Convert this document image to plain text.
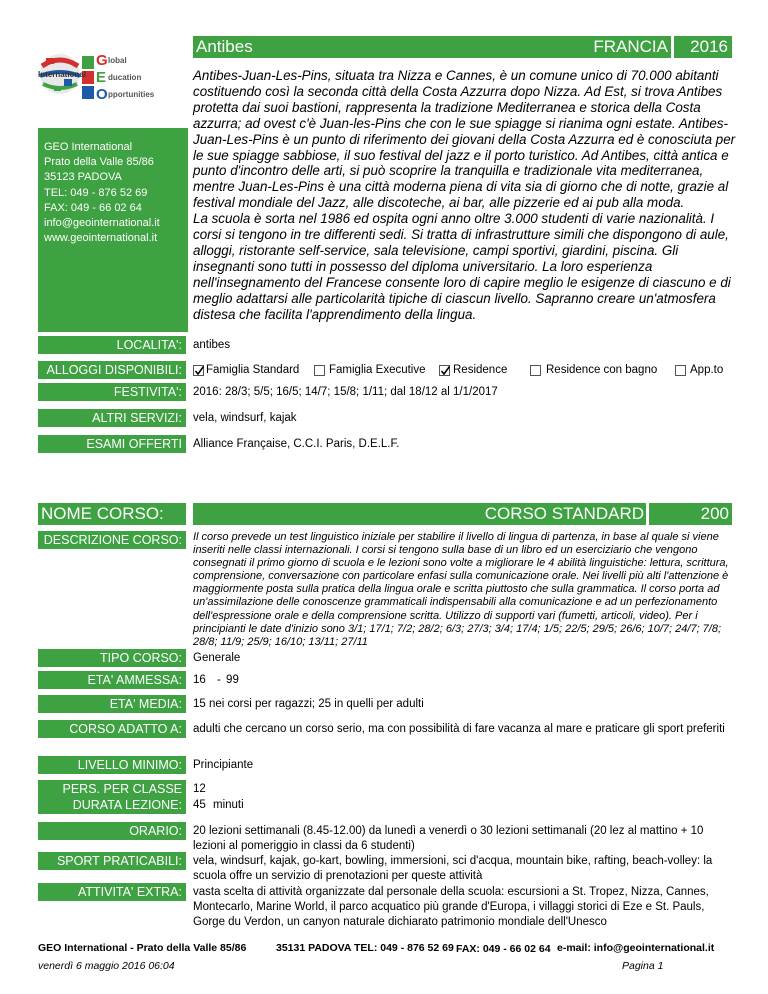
Antibes	FRANCIA 2016
International
G lobal
E ducation
O pportunities
GEO International
Prato della Valle 85/86
35123 PADOVA
TEL: 049 - 876 52 69
FAX: 049 - 66 02 64
info@geointernational.it
www.geointernational.it
Antibes-Juan-Les-Pins, situata tra Nizza e Cannes, è un comune unico di 70.000 abitanti costituendo così la seconda città della Costa Azzurra dopo Nizza. Ad Est, si trova Antibes protetta dai suoi bastioni, rappresenta la tradizione Mediterranea e storica della Costa azzurra; ad ovest c'è Juan-les-Pins che con le sue spiagge si rianima ogni estate. Antibes-Juan-Les-Pins è un punto di riferimento dei giovani della Costa Azzurra ed è conosciuta per le sue spiagge sabbiose, il suo festival del jazz e il porto turistico. Ad Antibes, città antica e punto d'incontro delle arti, si può scoprire la tranquilla e tradizionale vita mediterranea, mentre Juan-Les-Pins è una città moderna piena di vita sia di giorno che di notte, grazie al festival mondiale del Jazz, alle discoteche, ai bar, alle pizzerie ed ai pub alla moda.
La scuola è sorta nel 1986 ed ospita ogni anno oltre 3.000 studenti di varie nazionalità. I corsi si tengono in tre differenti sedi. Si tratta di infrastrutture simili che dispongono di aule, alloggi, ristorante self-service, sala televisione, campi sportivi, giardini, piscina. Gli insegnanti sono tutti in possesso del diploma universitario. La loro esperienza nell'insegnamento del Francese consente loro di capire meglio le esigenze di ciascuno e di meglio adattarsi alle particolarità tipiche di ciascun livello. Sapranno creare un'atmosfera distesa che facilita l'apprendimento della lingua.
LOCALITA': antibes
ALLOGGI DISPONIBILI:	Famiglia Standard	Famiglia Executive Residence	Residence con bagno	App.to
FESTIVITA': 2016: 28/3; 5/5; 16/5; 14/7; 15/8; 1/11; dal 18/12 al 1/1/2017
ALTRI SERVIZI: vela, windsurf, kajak
ESAMI OFFERTI Alliance Française, C.C.I. Paris, D.E.L.F.
NOME CORSO:	CORSO STANDARD	200
DESCRIZIONE CORSO:	Il corso prevede un test linguistico iniziale per stabilire il livello di lingua di partenza, in base al quale si viene inseriti nelle classi internazionali. I corsi si tengono sulla base di un libro ed un eserciziario che vengono consegnati il primo giorno di scuola e le lezioni sono volte a migliorare le 4 abilità linguistiche: lettura, scrittura, comprensione, conversazione con particolare enfasi sulla comunicazione orale. Nei livelli più alti l'attenzione è maggiormente posta sulla pratica della lingua orale e scritta piuttosto che sulla grammatica. Il corso porta ad un'assimilazione delle conoscenze grammaticali indispensabili alla comunicazione e ad un perfezionamento dell'espressione orale e della comprensione scritta. Utilizzo di supporti vari (fumetti, articoli, video). Per i principianti le date d'inizio sono 3/1; 17/1; 7/2; 28/2; 6/3; 27/3; 3/4; 17/4; 1/5; 22/5; 29/5; 26/6; 10/7; 24/7; 7/8; 28/8; 11/9; 25/9; 16/10; 13/11; 27/11
TIPO CORSO: Generale
ETA' AMMESSA: 16 - 99
ETA' MEDIA: 15 nei corsi per ragazzi; 25 in quelli per adulti
CORSO ADATTO A: adulti che cercano un corso serio, ma con possibilità di fare vacanza al mare e praticare gli sport preferiti
LIVELLO MINIMO: Principiante
PERS. PER CLASSE 12
DURATA LEZIONE: 45 minuti
ORARIO: 20 lezioni settimanali (8.45-12.00) da lunedì a venerdì o 30 lezioni settimanali (20 lez al mattino + 10 lezioni al pomeriggio in classi da 6 studenti)
SPORT PRATICABILI: vela, windsurf, kajak, go-kart, bowling, immersioni, sci d'acqua, mountain bike, rafting, beach-volley: la scuola offre un servizio di prenotazioni per queste attività
ATTIVITA' EXTRA: vasta scelta di attività organizzate dal personale della scuola: escursioni a St. Tropez, Nizza, Cannes, Montecarlo, Marine World, il parco acquatico più grande d'Europa, i villaggi storici di Eze e St. Pauls, Gorge du Verdon, un canyon naturale dichiarato patrimonio mondiale dell'Unesco
GEO International - Prato della Valle 85/86	35131 PADOVA TEL: 049 - 876 52 69 FAX: 049 - 66 02 64 e-mail: info@geointernational.it
venerdì 6 maggio 2016 06:04	Pagina 1
